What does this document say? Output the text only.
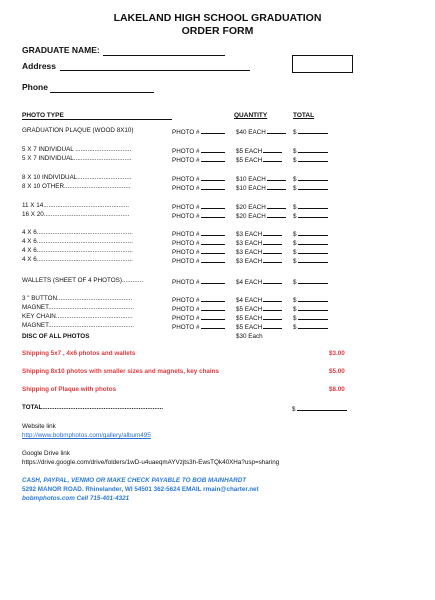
LAKELAND HIGH SCHOOL GRADUATION
ORDER FORM
GRADUATE NAME:
Address
Phone
PHOTO TYPE	QUANTITY	TOTAL
GRADUATION PLAQUE (WOOD 8X10)	PHOTO #	$40 EACH	$
5 X 7 INDIVIDUAL ................................	PHOTO #	$5 EACH	$
5 X 7 INDIVIDUAL.................................	PHOTO #	$5 EACH	$
8 X 10 INDIVIDUAL...............................	PHOTO #	$10 EACH	$
8 X 10 OTHER......................................	PHOTO #	$10 EACH	$
11 X 14.................................................	PHOTO #	$20 EACH	$
16 X 20.................................................	PHOTO #	$20 EACH	$
4 X 6.......................................................	PHOTO #	$3 EACH	$
4 X 6.......................................................	PHOTO #	$3 EACH	$
4 X 6.......................................................	PHOTO #	$3 EACH	$
4 X 6.......................................................	PHOTO #	$3 EACH	$
WALLETS (SHEET OF 4 PHOTOS)............	PHOTO #	$4 EACH	$
3 " BUTTON...........................................	PHOTO #	$4 EACH	$
MAGNET.................................................	PHOTO #	$5 EACH	$
KEY CHAIN............................................	PHOTO #	$5 EACH	$
MAGNET.................................................	PHOTO #	$5 EACH	$
DISC OF ALL PHOTOS	$30 Each
Shipping 5x7 , 4x6 photos and wallets	$3.00
Shipping 8x10 photos with smaller sizes and magnets, key chains	$5.00
Shipping of Plaque with photos	$8.00
TOTAL.....................................................................	$
Website link
http://www.bobmphotos.com/gallery/album495
Google Drive link
https://drive.google.com/drive/folders/1wD-u4uaeqmAYVzjts3h-EwsTQk40XHa?usp=sharing
CASH, PAYPAL, VENMO OR MAKE CHECK PAYABLE TO BOB MAINHARDT
5292 MANOR ROAD. Rhinelander, WI 54501 362-5624 EMAIL rmain@charter.net
bobmphotos.com Cell 715-401-4321
